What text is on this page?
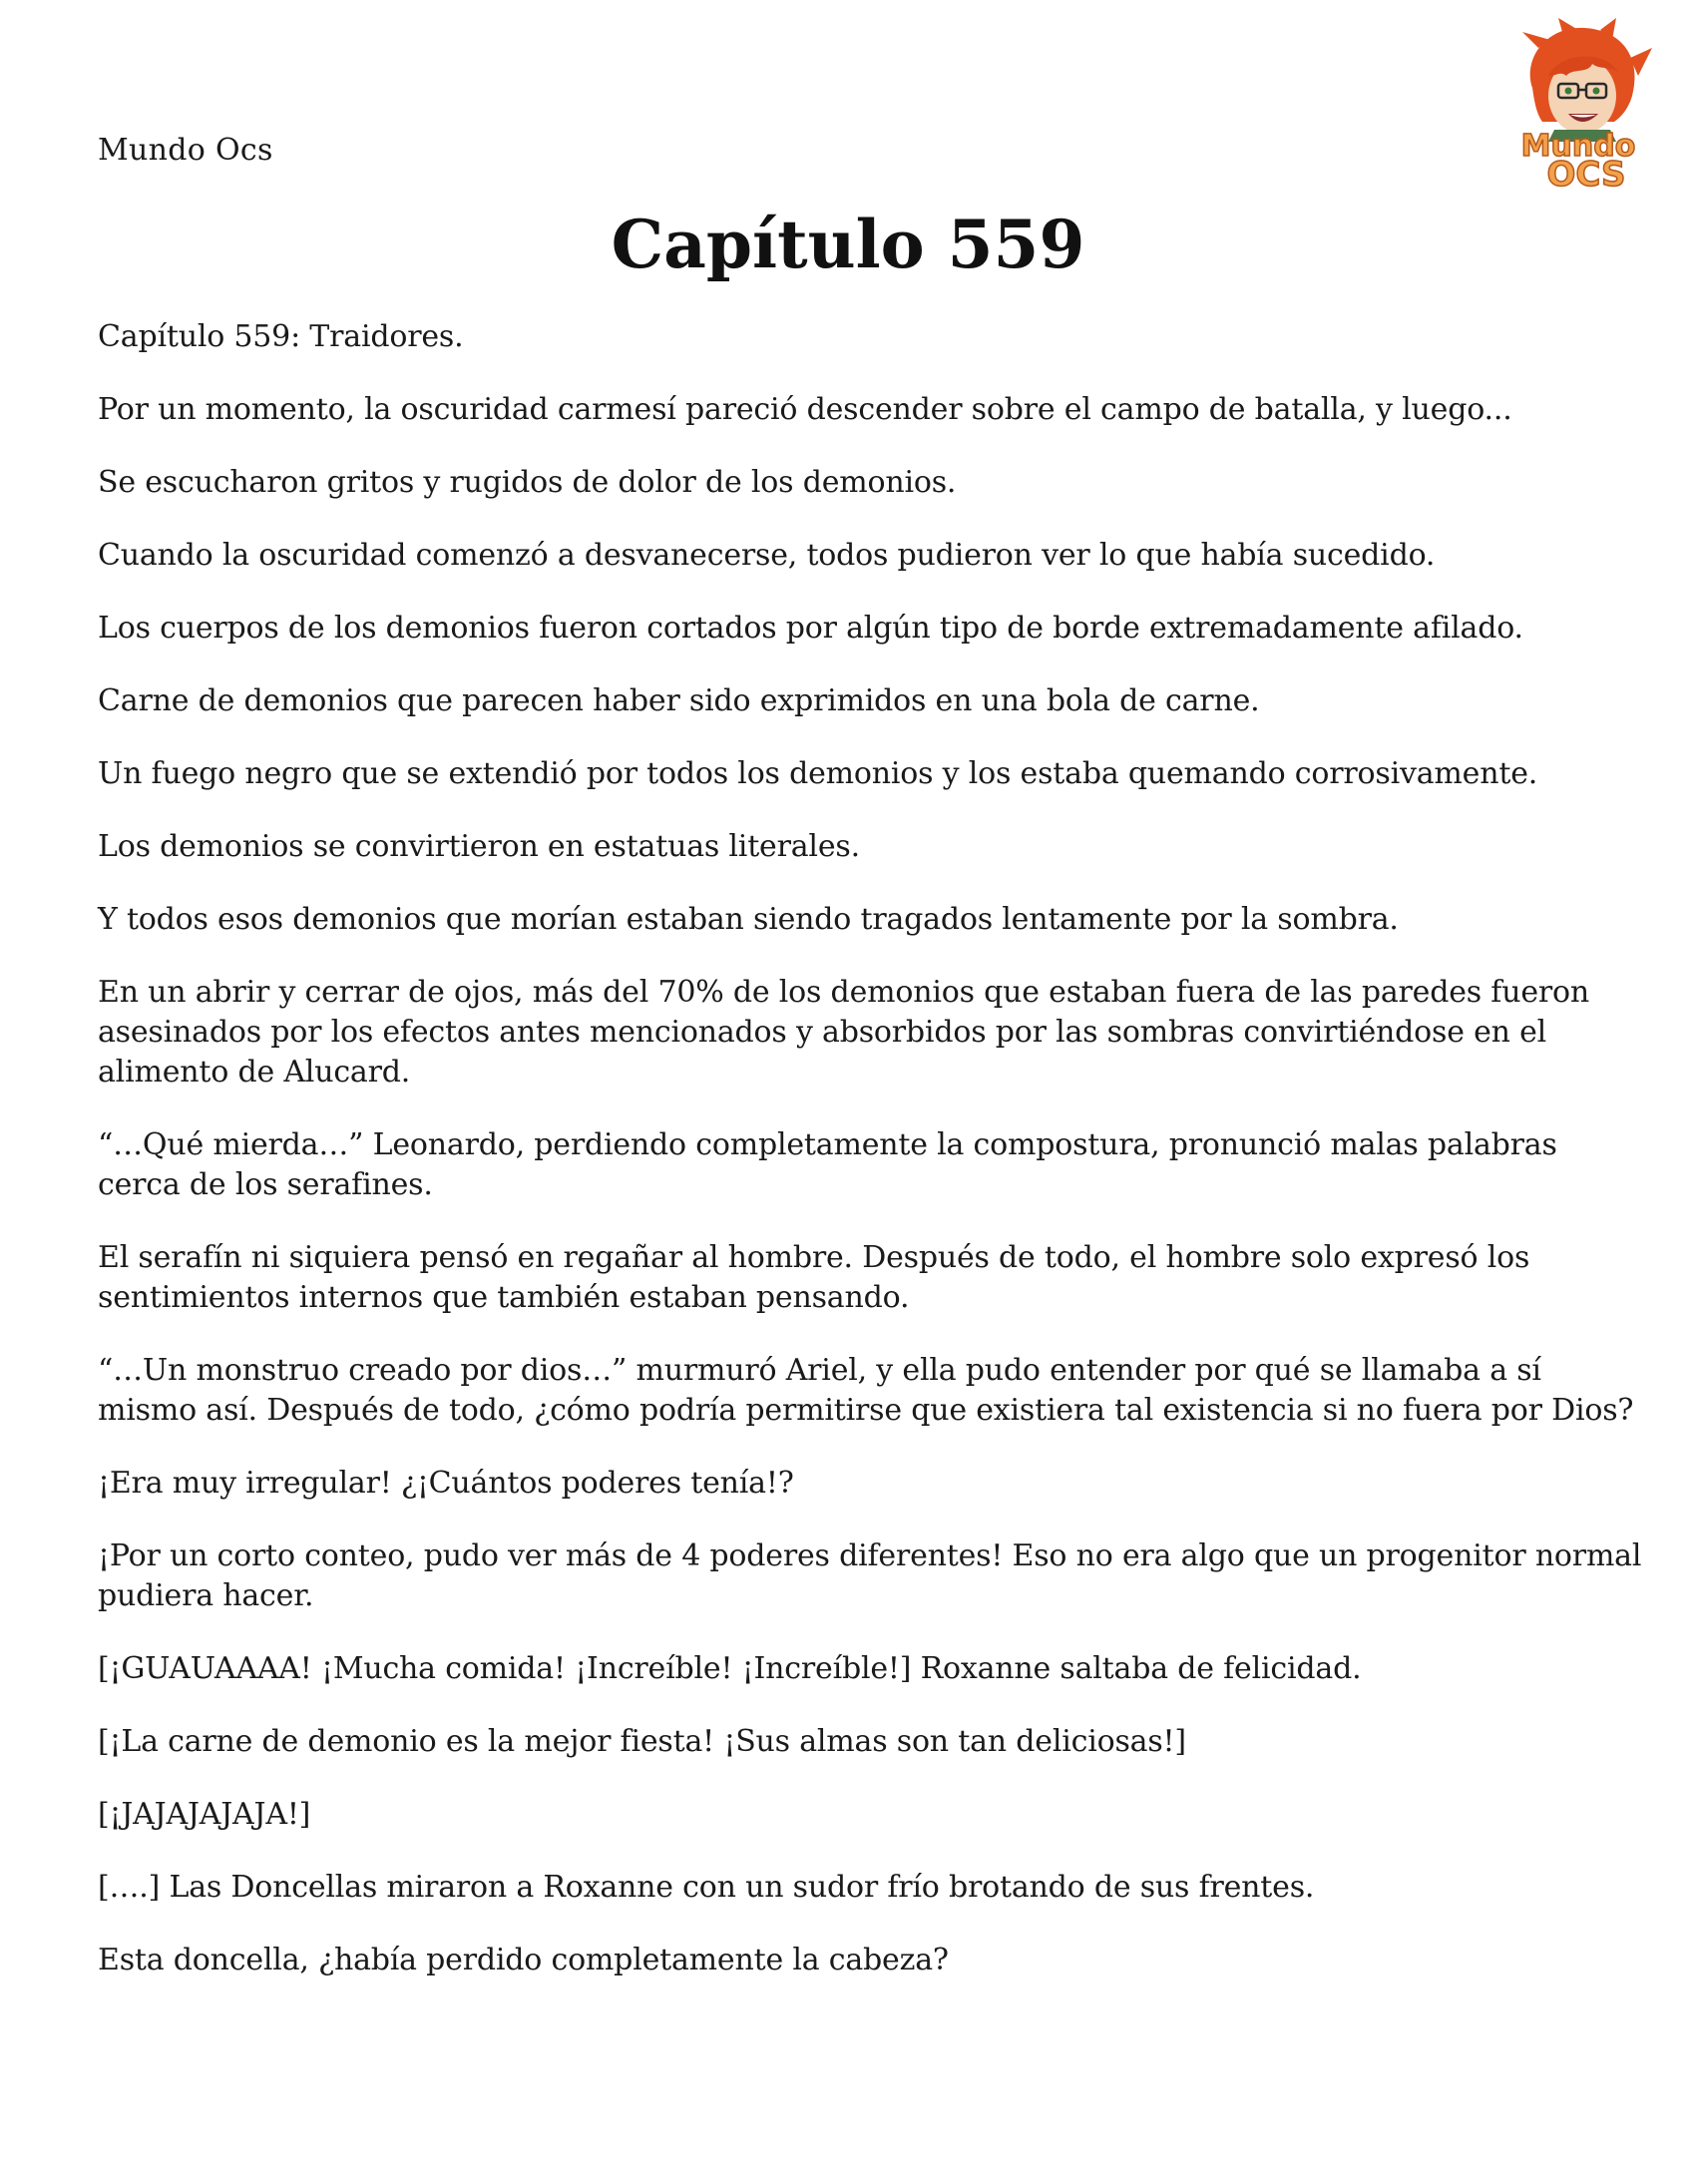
Mundo Ocs	Mundo
OCS
Capítulo 559

Capítulo 559: Traidores.

Por un momento, la oscuridad carmesí pareció descender sobre el campo de batalla, y luego...

Se escucharon gritos y rugidos de dolor de los demonios.

Cuando la oscuridad comenzó a desvanecerse, todos pudieron ver lo que había sucedido.

Los cuerpos de los demonios fueron cortados por algún tipo de borde extremadamente afilado.

Carne de demonios que parecen haber sido exprimidos en una bola de carne.

Un fuego negro que se extendió por todos los demonios y los estaba quemando corrosivamente.

Los demonios se convirtieron en estatuas literales.

Y todos esos demonios que morían estaban siendo tragados lentamente por la sombra.

En un abrir y cerrar de ojos, más del 70% de los demonios que estaban fuera de las paredes fueron asesinados por los efectos antes mencionados y absorbidos por las sombras convirtiéndose en el alimento de Alucard.

“…Qué mierda…” Leonardo, perdiendo completamente la compostura, pronunció malas palabras cerca de los serafines.

El serafín ni siquiera pensó en regañar al hombre. Después de todo, el hombre solo expresó los sentimientos internos que también estaban pensando.

“…Un monstruo creado por dios…” murmuró Ariel, y ella pudo entender por qué se llamaba a sí mismo así. Después de todo, ¿cómo podría permitirse que existiera tal existencia si no fuera por Dios?

¡Era muy irregular! ¿¡Cuántos poderes tenía!?

¡Por un corto conteo, pudo ver más de 4 poderes diferentes! Eso no era algo que un progenitor normal pudiera hacer.

[¡GUAUAAAA! ¡Mucha comida! ¡Increíble! ¡Increíble!] Roxanne saltaba de felicidad.

[¡La carne de demonio es la mejor fiesta! ¡Sus almas son tan deliciosas!]

[¡JAJAJAJAJA!]

[….] Las Doncellas miraron a Roxanne con un sudor frío brotando de sus frentes.

Esta doncella, ¿había perdido completamente la cabeza?
